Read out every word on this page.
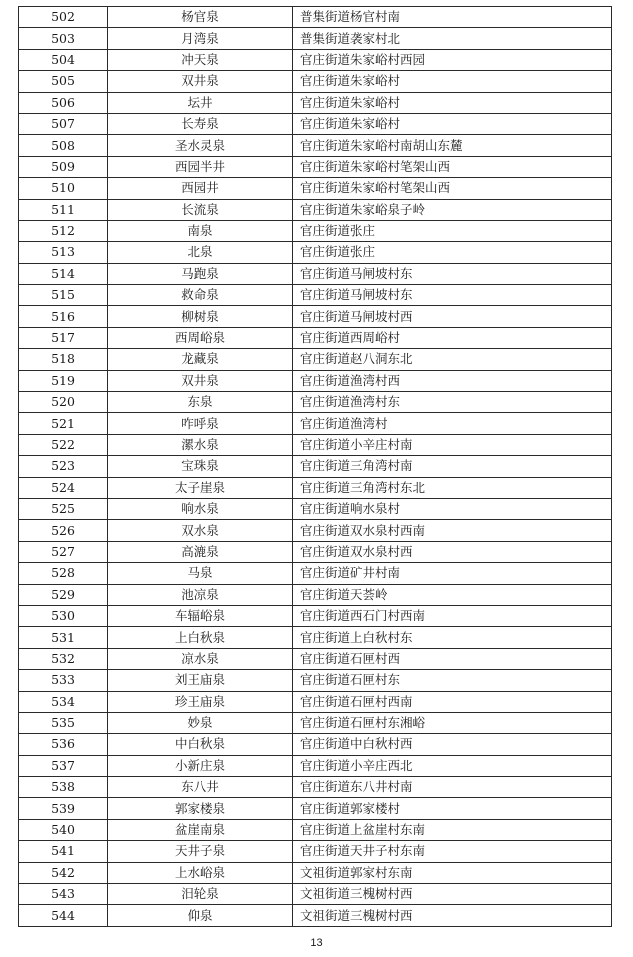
502	杨官泉	普集街道杨官村南
503	月湾泉	普集街道袭家村北
504	冲天泉	官庄街道朱家峪村西园
505	双井泉	官庄街道朱家峪村
506	坛井	官庄街道朱家峪村
507	长寿泉	官庄街道朱家峪村
508	圣水灵泉	官庄街道朱家峪村南胡山东麓
509	西园半井	官庄街道朱家峪村笔架山西
510	西园井	官庄街道朱家峪村笔架山西
511	长流泉	官庄街道朱家峪泉子岭
512	南泉	官庄街道张庄
513	北泉	官庄街道张庄
514	马跑泉	官庄街道马闸坡村东
515	救命泉	官庄街道马闸坡村东
516	柳树泉	官庄街道马闸坡村西
517	西周峪泉	官庄街道西周峪村
518	龙藏泉	官庄街道赵八洞东北
519	双井泉	官庄街道渔湾村西
520	东泉	官庄街道渔湾村东
521	咋呼泉	官庄街道渔湾村
522	漯水泉	官庄街道小辛庄村南
523	宝珠泉	官庄街道三角湾村南
524	太子崖泉	官庄街道三角湾村东北
525	响水泉	官庄街道响水泉村
526	双水泉	官庄街道双水泉村西南
527	高漉泉	官庄街道双水泉村西
528	马泉	官庄街道矿井村南
529	池凉泉	官庄街道天荟岭
530	车辐峪泉	官庄街道西石门村西南
531	上白秋泉	官庄街道上白秋村东
532	凉水泉	官庄街道石匣村西
533	刘王庙泉	官庄街道石匣村东
534	珍王庙泉	官庄街道石匣村西南
535	妙泉	官庄街道石匣村东湘峪
536	中白秋泉	官庄街道中白秋村西
537	小新庄泉	官庄街道小辛庄西北
538	东八井	官庄街道东八井村南
539	郭家楼泉	官庄街道郭家楼村
540	盆崖南泉	官庄街道上盆崖村东南
541	天井子泉	官庄街道天井子村东南
542	上水峪泉	文祖街道郭家村东南
543	汨轮泉	文祖街道三槐树村西
544	仰泉	文祖街道三槐树村西
13
